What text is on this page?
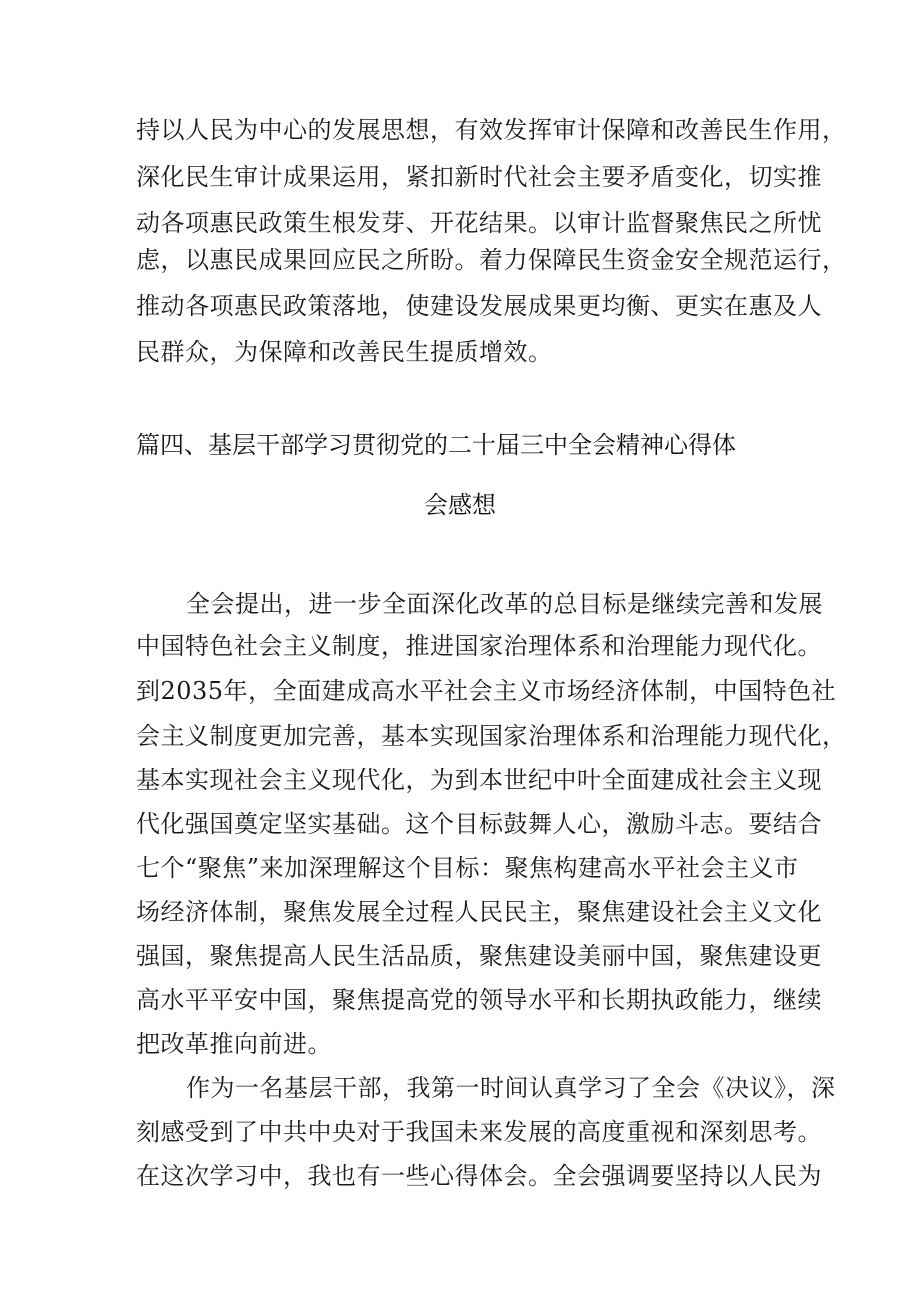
持以人民为中心的发展思想，有效发挥审计保障和改善民生作用，
深化民生审计成果运用，紧扣新时代社会主要矛盾变化，切实推
动各项惠民政策生根发芽、开花结果。以审计监督聚焦民之所忧
虑，以惠民成果回应民之所盼。着力保障民生资金安全规范运行，
推动各项惠民政策落地，使建设发展成果更均衡、更实在惠及人
民群众，为保障和改善民生提质增效。
篇四、基层干部学习贯彻党的二十届三中全会精神心得体
会感想
全会提出，进一步全面深化改革的总目标是继续完善和发展
中国特色社会主义制度，推进国家治理体系和治理能力现代化。
到2035年，全面建成高水平社会主义市场经济体制，中国特色社
会主义制度更加完善，基本实现国家治理体系和治理能力现代化，
基本实现社会主义现代化，为到本世纪中叶全面建成社会主义现
代化强国奠定坚实基础。这个目标鼓舞人心，激励斗志。要结合
七个“聚焦”来加深理解这个目标：聚焦构建高水平社会主义市
场经济体制，聚焦发展全过程人民民主，聚焦建设社会主义文化
强国，聚焦提高人民生活品质，聚焦建设美丽中国，聚焦建设更
高水平平安中国，聚焦提高党的领导水平和长期执政能力，继续
把改革推向前进。
作为一名基层干部，我第一时间认真学习了全会《决议》，深
刻感受到了中共中央对于我国未来发展的高度重视和深刻思考。
在这次学习中，我也有一些心得体会。全会强调要坚持以人民为
